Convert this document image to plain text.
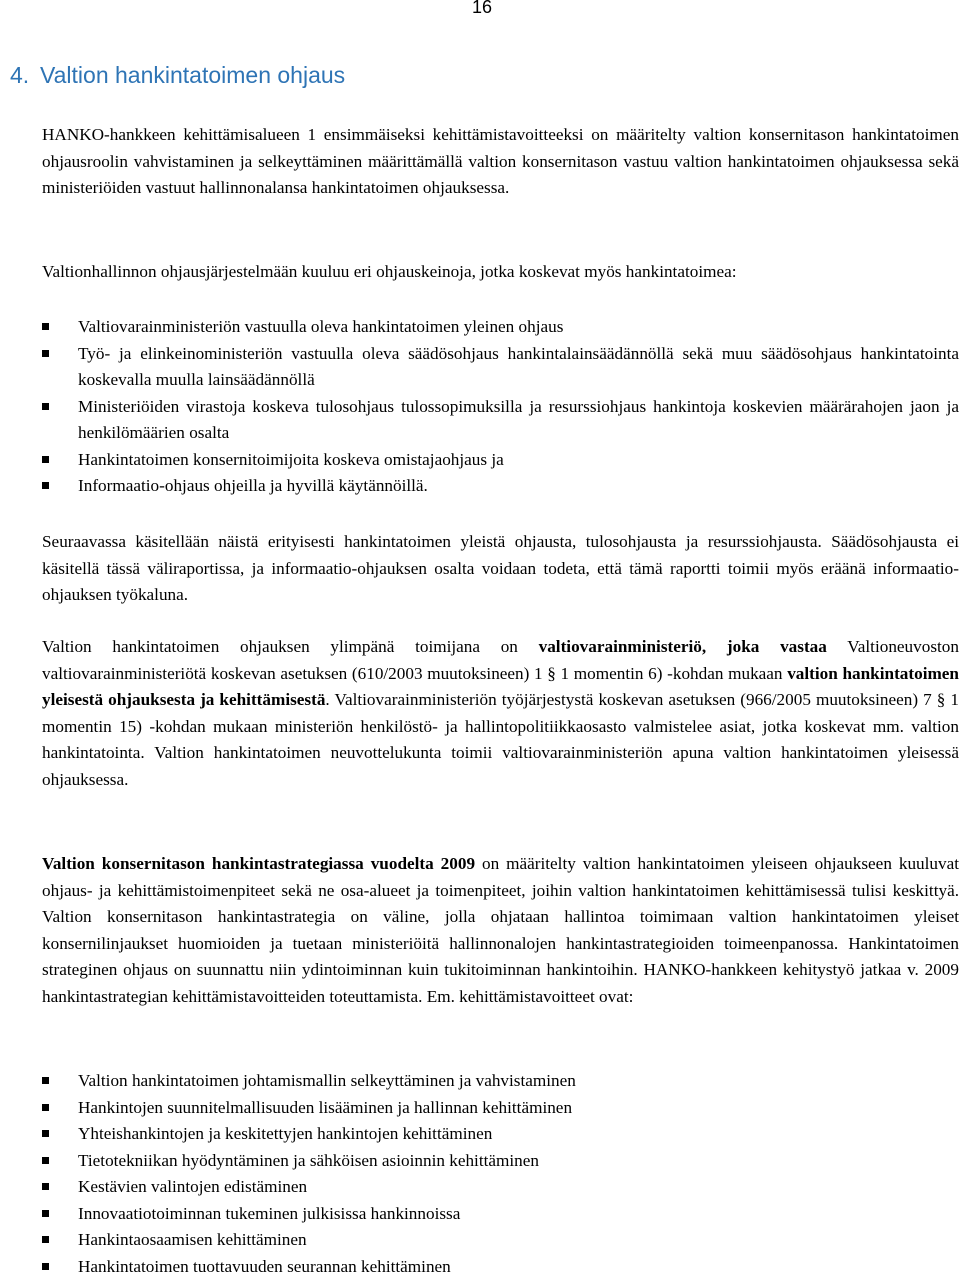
16
4. Valtion hankintatoimen ohjaus

HANKO-hankkeen kehittämisalueen 1 ensimmäiseksi kehittämistavoitteeksi on määritelty valtion konsernitason hankintatoimen ohjausroolin vahvistaminen ja selkeyttäminen määrittämällä valtion konsernitason vastuu valtion hankintatoimen ohjauksessa sekä ministeriöiden vastuut hallinnonalansa hankintatoimen ohjauksessa.

Valtionhallinnon ohjausjärjestelmään kuuluu eri ohjauskeinoja, jotka koskevat myös hankintatoimea:

Valtiovarainministeriön vastuulla oleva hankintatoimen yleinen ohjaus
Työ- ja elinkeinoministeriön vastuulla oleva säädösohjaus hankintalainsäädännöllä sekä muu säädösohjaus hankintatointa koskevalla muulla lainsäädännöllä
Ministeriöiden virastoja koskeva tulosohjaus tulossopimuksilla ja resurssiohjaus hankintoja koskevien määrärahojen jaon ja henkilömäärien osalta
Hankintatoimen konsernitoimijoita koskeva omistajaohjaus ja
Informaatio-ohjaus ohjeilla ja hyvillä käytännöillä.

Seuraavassa käsitellään näistä erityisesti hankintatoimen yleistä ohjausta, tulosohjausta ja resurssiohjausta. Säädösohjausta ei käsitellä tässä väliraportissa, ja informaatio-ohjauksen osalta voidaan todeta, että tämä raportti toimii myös eräänä informaatio-ohjauksen työkaluna.

Valtion hankintatoimen ohjauksen ylimpänä toimijana on valtiovarainministeriö, joka vastaa Valtioneuvoston valtiovarainministeriötä koskevan asetuksen (610/2003 muutoksineen) 1 § 1 momentin 6) -kohdan mukaan valtion hankintatoimen yleisestä ohjauksesta ja kehittämisestä. Valtiovarainministeriön työjärjestystä koskevan asetuksen (966/2005 muutoksineen) 7 § 1 momentin 15) -kohdan mukaan ministeriön henkilöstö- ja hallintopolitiikkaosasto valmistelee asiat, jotka koskevat mm. valtion hankintatointa. Valtion hankintatoimen neuvottelukunta toimii valtiovarainministeriön apuna valtion hankintatoimen yleisessä ohjauksessa.

Valtion konsernitason hankintastrategiassa vuodelta 2009 on määritelty valtion hankintatoimen yleiseen ohjaukseen kuuluvat ohjaus- ja kehittämistoimenpiteet sekä ne osa-alueet ja toimenpiteet, joihin valtion hankintatoimen kehittämisessä tulisi keskittyä. Valtion konsernitason hankintastrategia on väline, jolla ohjataan hallintoa toimimaan valtion hankintatoimen yleiset konsernilinjaukset huomioiden ja tuetaan ministeriöitä hallinnonalojen hankintastrategioiden toimeenpanossa. Hankintatoimen strateginen ohjaus on suunnattu niin ydintoiminnan kuin tukitoiminnan hankintoihin. HANKO-hankkeen kehitystyö jatkaa v. 2009 hankintastrategian kehittämistavoitteiden toteuttamista. Em. kehittämistavoitteet ovat:

Valtion hankintatoimen johtamismallin selkeyttäminen ja vahvistaminen
Hankintojen suunnitelmallisuuden lisääminen ja hallinnan kehittäminen
Yhteishankintojen ja keskitettyjen hankintojen kehittäminen
Tietotekniikan hyödyntäminen ja sähköisen asioinnin kehittäminen
Kestävien valintojen edistäminen
Innovaatiotoiminnan tukeminen julkisissa hankinnoissa
Hankintaosaamisen kehittäminen
Hankintatoimen tuottavuuden seurannan kehittäminen
